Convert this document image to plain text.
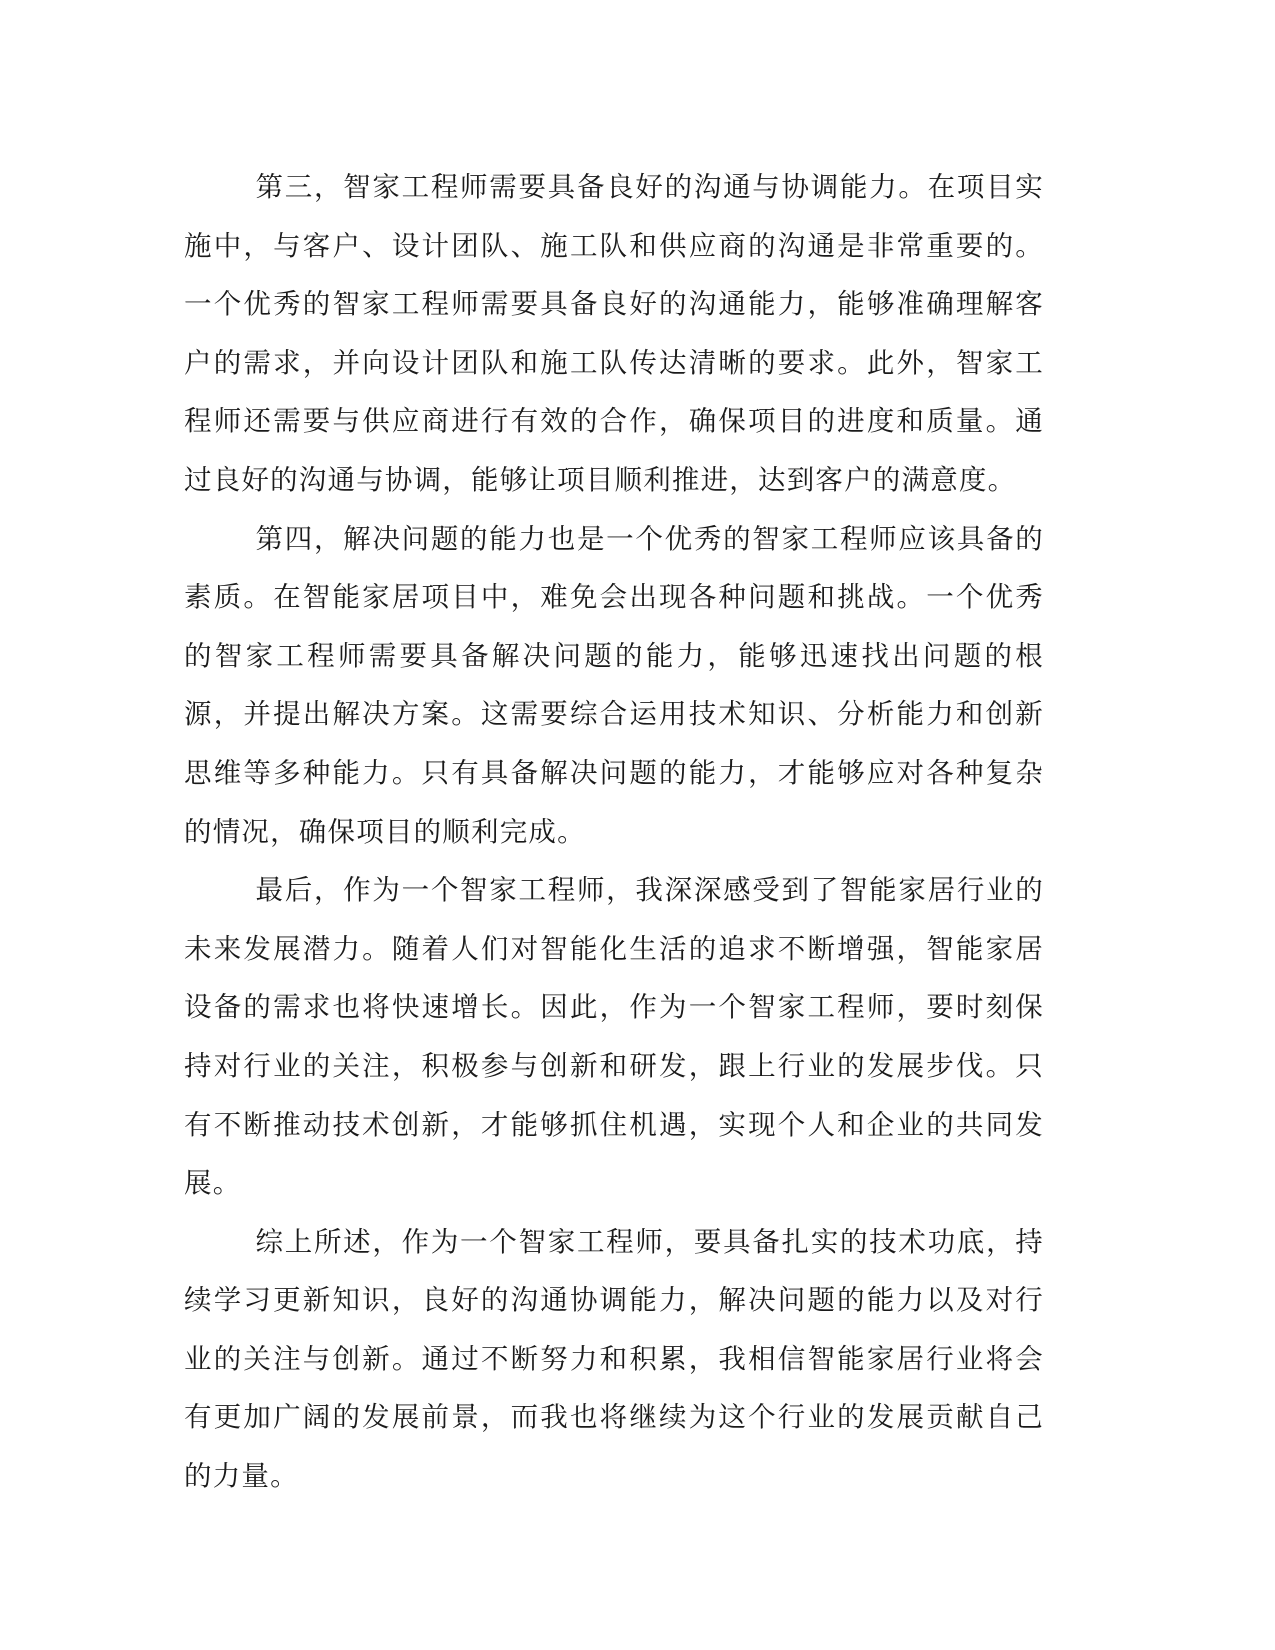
第三，智家工程师需要具备良好的沟通与协调能力。在项目实施中，与客户、设计团队、施工队和供应商的沟通是非常重要的。一个优秀的智家工程师需要具备良好的沟通能力，能够准确理解客户的需求，并向设计团队和施工队传达清晰的要求。此外，智家工程师还需要与供应商进行有效的合作，确保项目的进度和质量。通过良好的沟通与协调，能够让项目顺利推进，达到客户的满意度。

第四，解决问题的能力也是一个优秀的智家工程师应该具备的素质。在智能家居项目中，难免会出现各种问题和挑战。一个优秀的智家工程师需要具备解决问题的能力，能够迅速找出问题的根源，并提出解决方案。这需要综合运用技术知识、分析能力和创新思维等多种能力。只有具备解决问题的能力，才能够应对各种复杂的情况，确保项目的顺利完成。

最后，作为一个智家工程师，我深深感受到了智能家居行业的未来发展潜力。随着人们对智能化生活的追求不断增强，智能家居设备的需求也将快速增长。因此，作为一个智家工程师，要时刻保持对行业的关注，积极参与创新和研发，跟上行业的发展步伐。只有不断推动技术创新，才能够抓住机遇，实现个人和企业的共同发展。

综上所述，作为一个智家工程师，要具备扎实的技术功底，持续学习更新知识，良好的沟通协调能力，解决问题的能力以及对行业的关注与创新。通过不断努力和积累，我相信智能家居行业将会有更加广阔的发展前景，而我也将继续为这个行业的发展贡献自己的力量。
